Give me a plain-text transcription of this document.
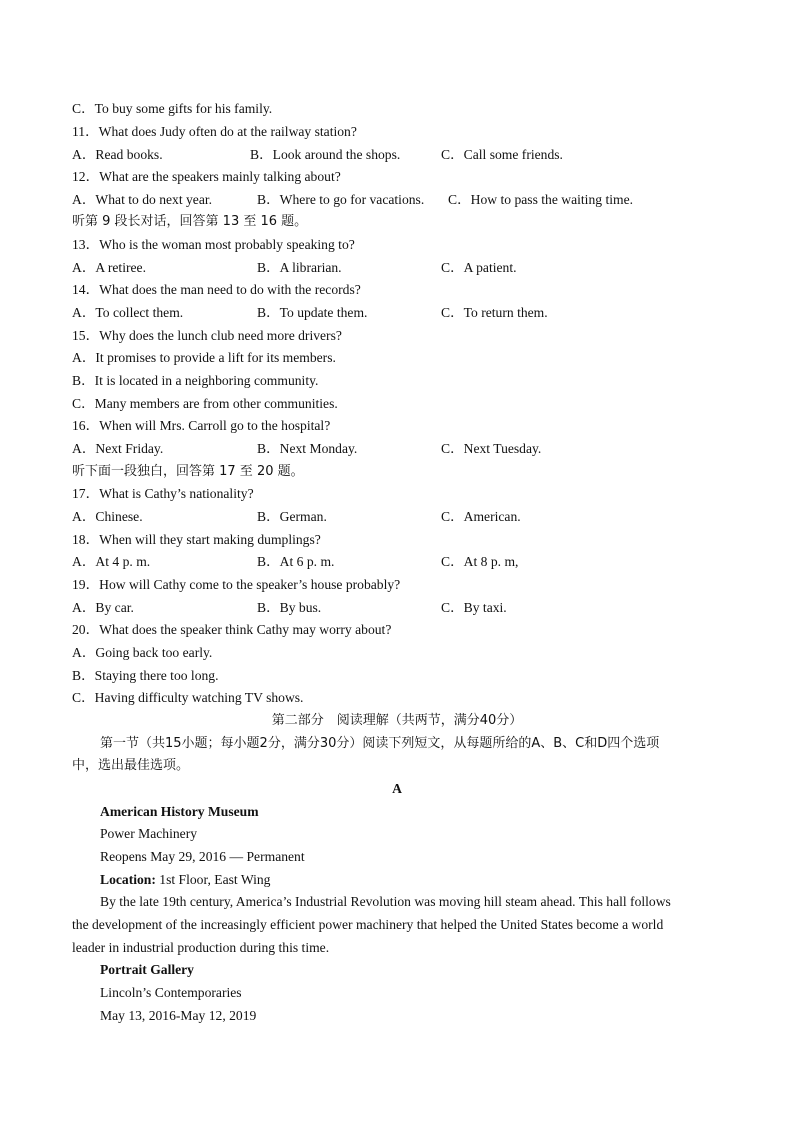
C．To buy some gifts for his family.
11．What does Judy often do at the railway station?
A．Read books.	B．Look around the shops.	C．Call some friends.
12．What are the speakers mainly talking about?
A．What to do next year.	B．Where to go for vacations. C．How to pass the waiting time.
听第 9 段长对话，回答第 13 至 16 题。
13．Who is the woman most probably speaking to?
A．A retiree.	B．A librarian.	C．A patient.
14．What does the man need to do with the records?
A．To collect them.	B．To update them.	C．To return them.
15．Why does the lunch club need more drivers?
A．It promises to provide a lift for its members.
B．It is located in a neighboring community.
C．Many members are from other communities.
16．When will Mrs. Carroll go to the hospital?
A．Next Friday.	B．Next Monday.	C．Next Tuesday.
听下面一段独白，回答第 17 至 20 题。
17．What is Cathy’s nationality?
A．Chinese.	B．German.	C．American.
18．When will they start making dumplings?
A．At 4 p. m.	B．At 6 p. m.	C．At 8 p. m,
19．How will Cathy come to the speaker’s house probably?
A．By car.	B．By bus.	C．By taxi.
20．What does the speaker think Cathy may worry about?
A．Going back too early.
B．Staying there too long.
C．Having difficulty watching TV shows.
第二部分　阅读理解（共两节，满分40分）
第一节（共15小题；每小题2分，满分30分）阅读下列短文，从每题所给的A、B、C和D四个选项
中，选出最佳选项。
A
American History Museum
Power Machinery
Reopens May 29, 2016 — Permanent
Location: 1st Floor, East Wing
By the late 19th century, America’s Industrial Revolution was moving hill steam ahead. This hall follows
the development of the increasingly efficient power machinery that helped the United States become a world
leader in industrial production during this time.
Portrait Gallery
Lincoln’s Contemporaries
May 13, 2016-May 12, 2019
